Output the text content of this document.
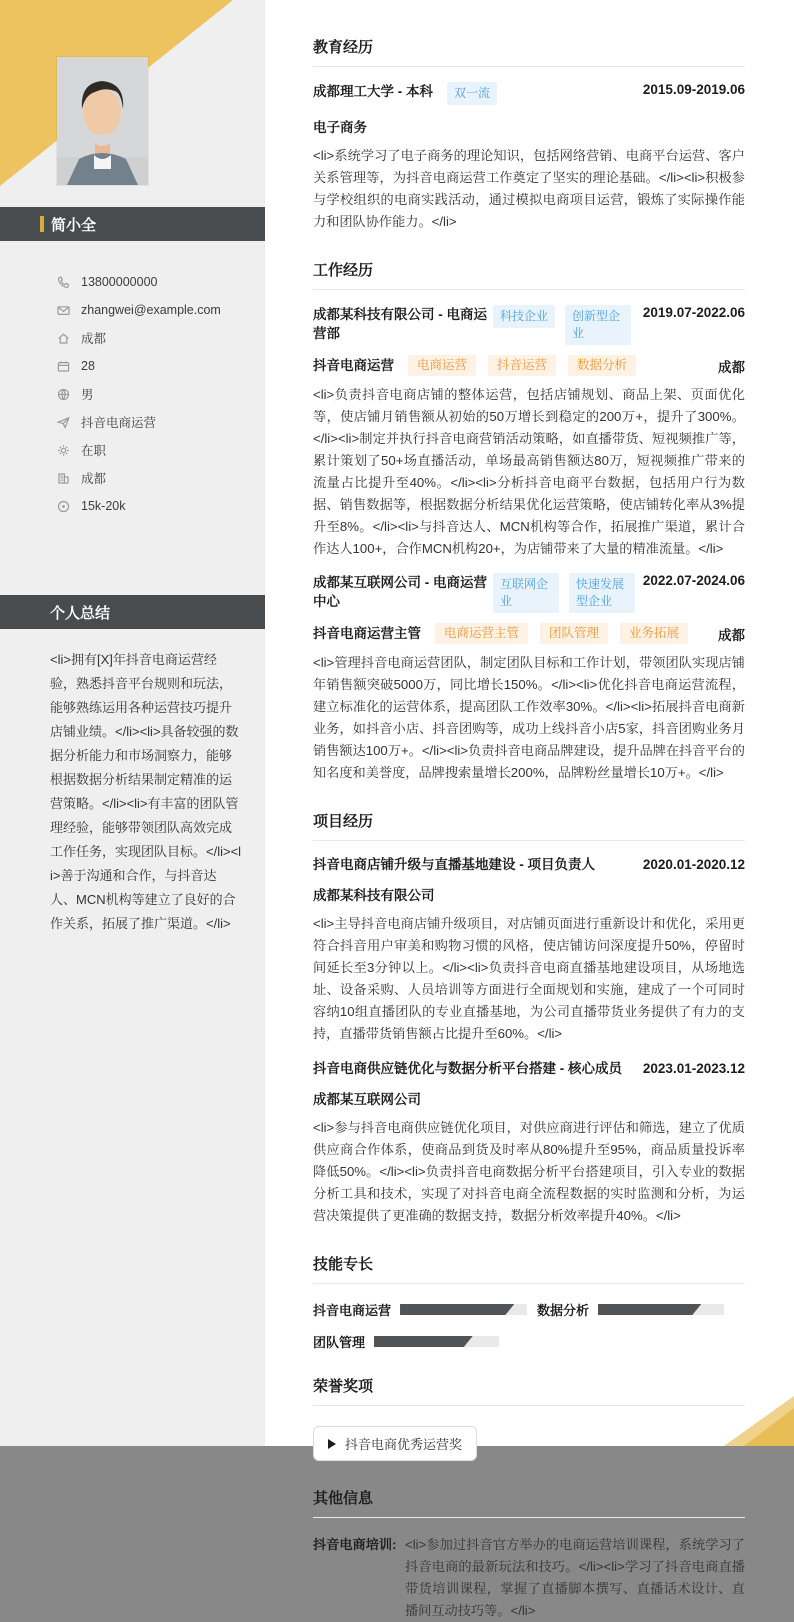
简小全
13800000000
zhangwei@example.com
成都
28
男
抖音电商运营
在职
成都
15k-20k
个人总结
<li>拥有[X]年抖音电商运营经验，熟悉抖音平台规则和玩法，能够熟练运用各种运营技巧提升店铺业绩。</li><li>具备较强的数据分析能力和市场洞察力，能够根据数据分析结果制定精准的运营策略。</li><li>有丰富的团队管理经验，能够带领团队高效完成工作任务，实现团队目标。</li><li>善于沟通和合作，与抖音达人、MCN机构等建立了良好的合作关系，拓展了推广渠道。</li>
教育经历
成都理工大学 - 本科	双一流	2015.09-2019.06
电子商务
<li>系统学习了电子商务的理论知识，包括网络营销、电商平台运营、客户关系管理等，为抖音电商运营工作奠定了坚实的理论基础。</li><li>积极参与学校组织的电商实践活动，通过模拟电商项目运营，锻炼了实际操作能力和团队协作能力。</li>
工作经历
成都某科技有限公司 - 电商运营部
科技企业	创新型企业
2019.07-2022.06
抖音电商运营	电商运营	抖音运营	数据分析	成都
<li>负责抖音电商店铺的整体运营，包括店铺规划、商品上架、页面优化等，使店铺月销售额从初始的50万增长到稳定的200万+，提升了300%。</li><li>制定并执行抖音电商营销活动策略，如直播带货、短视频推广等，累计策划了50+场直播活动，单场最高销售额达80万，短视频推广带来的流量占比提升至40%。</li><li>分析抖音电商平台数据，包括用户行为数据、销售数据等，根据数据分析结果优化运营策略，使店铺转化率从3%提升至8%。</li><li>与抖音达人、MCN机构等合作，拓展推广渠道，累计合作达人100+，合作MCN机构20+，为店铺带来了大量的精准流量。</li>
成都某互联网公司 - 电商运营中心
互联网企业
快速发展型企业
2022.07-2024.06
抖音电商运营主管	电商运营主管	团队管理	业务拓展	成都
<li>管理抖音电商运营团队，制定团队目标和工作计划，带领团队实现店铺年销售额突破5000万，同比增长150%。</li><li>优化抖音电商运营流程，建立标准化的运营体系，提高团队工作效率30%。</li><li>拓展抖音电商新业务，如抖音小店、抖音团购等，成功上线抖音小店5家，抖音团购业务月销售额达100万+。</li><li>负责抖音电商品牌建设，提升品牌在抖音平台的知名度和美誉度，品牌搜索量增长200%，品牌粉丝量增长10万+。</li>
项目经历
抖音电商店铺升级与直播基地建设 - 项目负责人	2020.01-2020.12
成都某科技有限公司
<li>主导抖音电商店铺升级项目，对店铺页面进行重新设计和优化，采用更符合抖音用户审美和购物习惯的风格，使店铺访问深度提升50%，停留时间延长至3分钟以上。</li><li>负责抖音电商直播基地建设项目，从场地选址、设备采购、人员培训等方面进行全面规划和实施，建成了一个可同时容纳10组直播团队的专业直播基地，为公司直播带货业务提供了有力的支持，直播带货销售额占比提升至60%。</li>
抖音电商供应链优化与数据分析平台搭建 - 核心成员 2023.01-2023.12
成都某互联网公司
<li>参与抖音电商供应链优化项目，对供应商进行评估和筛选，建立了优质供应商合作体系，使商品到货及时率从80%提升至95%，商品质量投诉率降低50%。</li><li>负责抖音电商数据分析平台搭建项目，引入专业的数据分析工具和技术，实现了对抖音电商全流程数据的实时监测和分析，为运营决策提供了更准确的数据支持，数据分析效率提升40%。</li>
技能专长
抖音电商运营	数据分析
团队管理
荣誉奖项
抖音电商优秀运营奖
其他信息
抖音电商培训: <li>参加过抖音官方举办的电商运营培训课程，系统学习了抖音电商的最新玩法和技巧。</li><li>学习了抖音电商直播带货培训课程，掌握了直播脚本撰写、直播话术设计、直播间互动技巧等。</li>
